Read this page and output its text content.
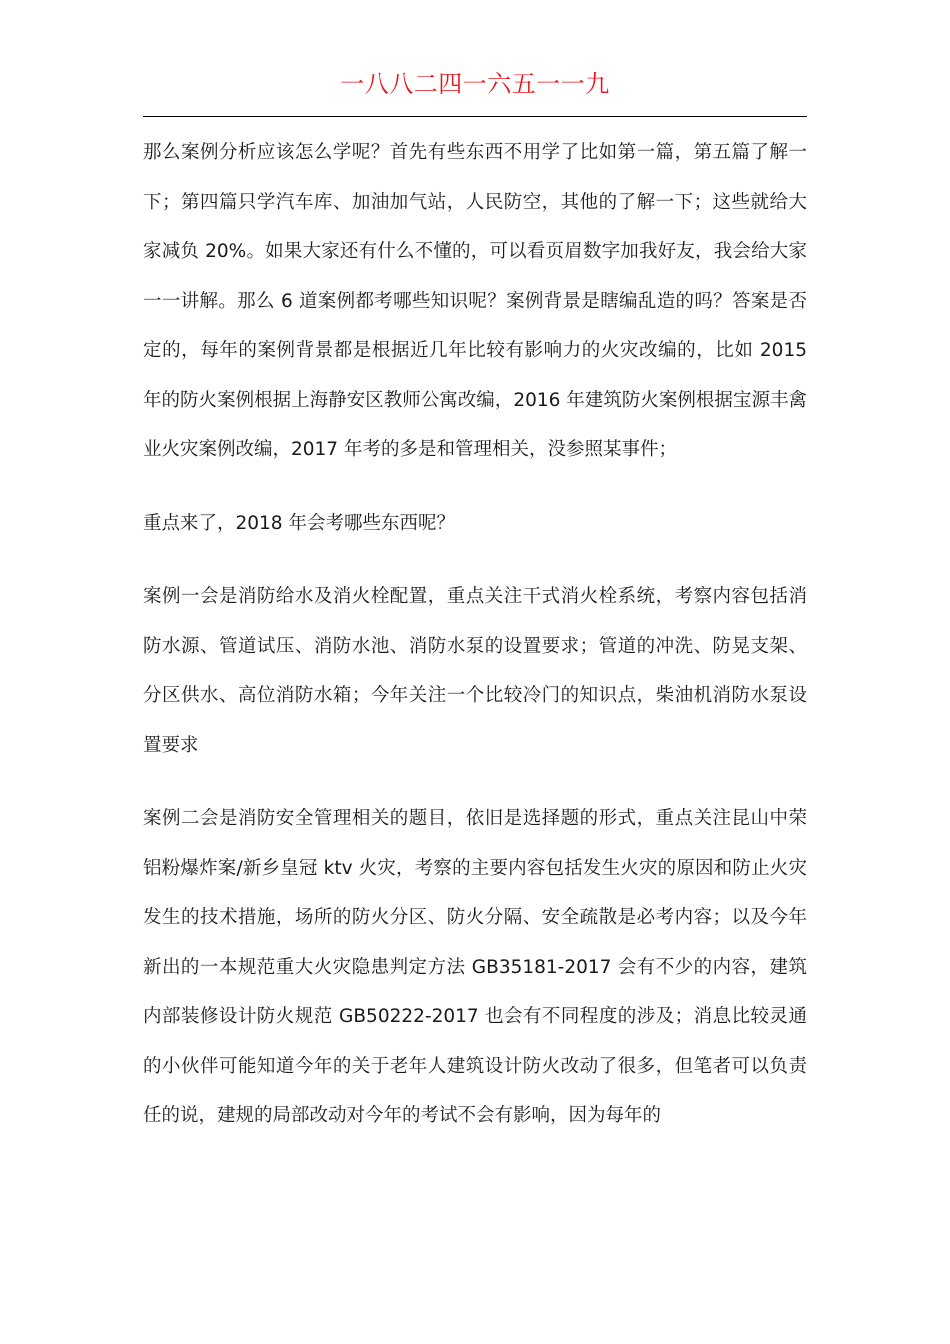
一八八二四一六五一一九

那么案例分析应该怎么学呢？首先有些东西不用学了比如第一篇，第五篇了解一下；第四篇只学汽车库、加油加气站，人民防空，其他的了解一下；这些就给大家减负 20%。如果大家还有什么不懂的，可以看页眉数字加我好友，我会给大家一一讲解。那么 6 道案例都考哪些知识呢？案例背景是瞎编乱造的吗？答案是否定的，每年的案例背景都是根据近几年比较有影响力的火灾改编的，比如 2015 年的防火案例根据上海静安区教师公寓改编，2016 年建筑防火案例根据宝源丰禽业火灾案例改编，2017 年考的多是和管理相关，没参照某事件；

重点来了，2018 年会考哪些东西呢？

案例一会是消防给水及消火栓配置，重点关注干式消火栓系统，考察内容包括消防水源、管道试压、消防水池、消防水泵的设置要求；管道的冲洗、防晃支架、分区供水、高位消防水箱；今年关注一个比较冷门的知识点，柴油机消防水泵设置要求

案例二会是消防安全管理相关的题目，依旧是选择题的形式，重点关注昆山中荣铝粉爆炸案/新乡皇冠 ktv 火灾，考察的主要内容包括发生火灾的原因和防止火灾发生的技术措施，场所的防火分区、防火分隔、安全疏散是必考内容；以及今年新出的一本规范重大火灾隐患判定方法 GB35181-2017 会有不少的内容，建筑内部装修设计防火规范 GB50222-2017 也会有不同程度的涉及；消息比较灵通的小伙伴可能知道今年的关于老年人建筑设计防火改动了很多，但笔者可以负责任的说，建规的局部改动对今年的考试不会有影响，因为每年的
